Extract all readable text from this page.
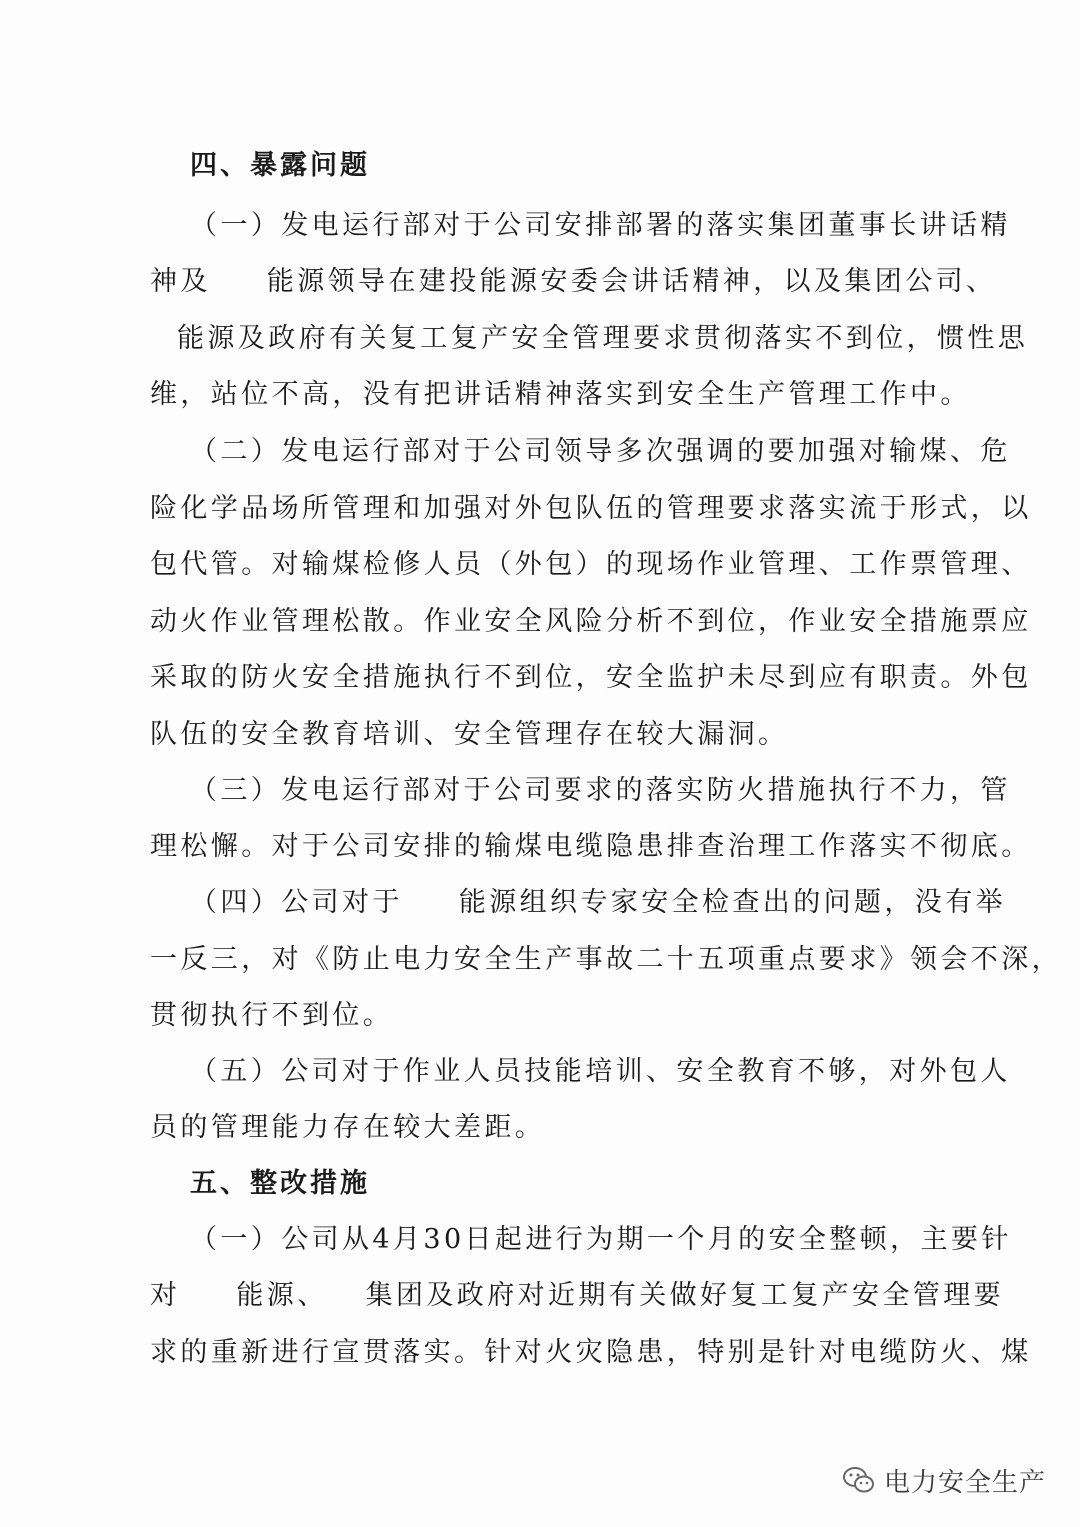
四、暴露问题
（一）发电运行部对于公司安排部署的落实集团董事长讲话精
神及 能源领导在建投能源安委会讲话精神，以及集团公司、
能源及政府有关复工复产安全管理要求贯彻落实不到位，惯性思
维，站位不高，没有把讲话精神落实到安全生产管理工作中。
（二）发电运行部对于公司领导多次强调的要加强对输煤、危
险化学品场所管理和加强对外包队伍的管理要求落实流于形式，以
包代管。对输煤检修人员（外包）的现场作业管理、工作票管理、
动火作业管理松散。作业安全风险分析不到位，作业安全措施票应
采取的防火安全措施执行不到位，安全监护未尽到应有职责。外包
队伍的安全教育培训、安全管理存在较大漏洞。
（三）发电运行部对于公司要求的落实防火措施执行不力，管
理松懈。对于公司安排的输煤电缆隐患排查治理工作落实不彻底。
（四）公司对于 能源组织专家安全检查出的问题，没有举
一反三，对《防止电力安全生产事故二十五项重点要求》领会不深，
贯彻执行不到位。
（五）公司对于作业人员技能培训、安全教育不够，对外包人
员的管理能力存在较大差距。
五、整改措施
（一）公司从4月30日起进行为期一个月的安全整顿，主要针
对 能源、 集团及政府对近期有关做好复工复产安全管理要
求的重新进行宣贯落实。针对火灾隐患，特别是针对电缆防火、煤
电力安全生产
